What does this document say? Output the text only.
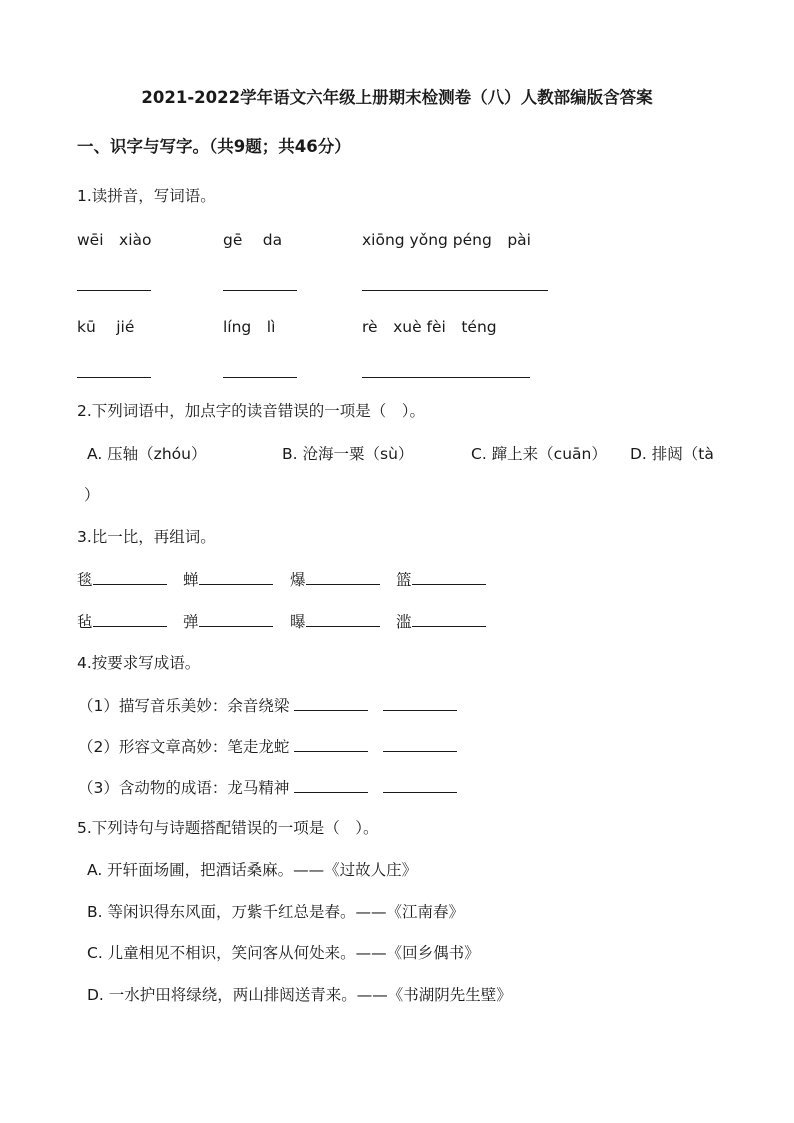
2021-2022学年语文六年级上册期末检测卷（八）人教部编版含答案
一、识字与写字。（共9题；共46分）
1.读拼音，写词语。
wēi　xiào	gē　 da	xiōng yǒng péng　pài
kū　 jié	líng　lì	rè　xuè fèi　téng
2.下列词语中，加点字的读音错误的一项是（　）。
A. 压轴（zhóu）	B. 沧海一粟（sù）	C. 蹿上来（cuān） D. 排闼（tà
）
3.比一比，再组词。
毯	蝉	爆	篮
毡	弹	曝	滥
4.按要求写成语。
（1）描写音乐美妙：余音绕梁
（2）形容文章高妙：笔走龙蛇
（3）含动物的成语：龙马精神
5.下列诗句与诗题搭配错误的一项是（　）。
A. 开轩面场圃，把酒话桑麻。——《过故人庄》
B. 等闲识得东风面，万紫千红总是春。——《江南春》
C. 儿童相见不相识，笑问客从何处来。——《回乡偶书》
D. 一水护田将绿绕，两山排闼送青来。——《书湖阴先生壁》
